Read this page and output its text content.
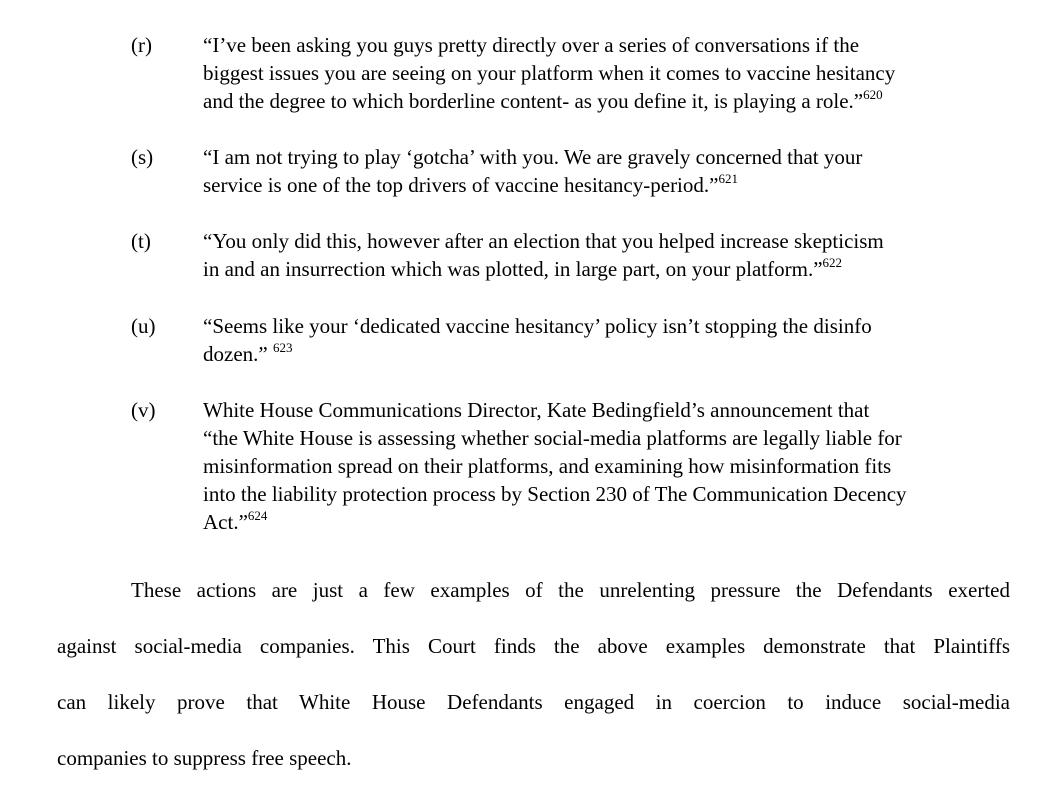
(r) “I’ve been asking you guys pretty directly over a series of conversations if the
biggest issues you are seeing on your platform when it comes to vaccine hesitancy
and the degree to which borderline content- as you define it, is playing a role.”$^{620}$
(s) “I am not trying to play ‘gotcha’ with you. We are gravely concerned that your
service is one of the top drivers of vaccine hesitancy-period.”$^{621}$
(t) “You only did this, however after an election that you helped increase skepticism
in and an insurrection which was plotted, in large part, on your platform.”$^{622}$
(u) “Seems like your ‘dedicated vaccine hesitancy’ policy isn’t stopping the disinfo
dozen.” $^{623}$
(v) White House Communications Director, Kate Bedingfield’s announcement that
“the White House is assessing whether social-media platforms are legally liable for
misinformation spread on their platforms, and examining how misinformation fits
into the liability protection process by Section 230 of The Communication Decency
Act.”$^{624}$
These actions are just a few examples of the unrelenting pressure the Defendants exerted
against social-media companies. This Court finds the above examples demonstrate that Plaintiffs
can likely prove that White House Defendants engaged in coercion to induce social-media
companies to suppress free speech.
